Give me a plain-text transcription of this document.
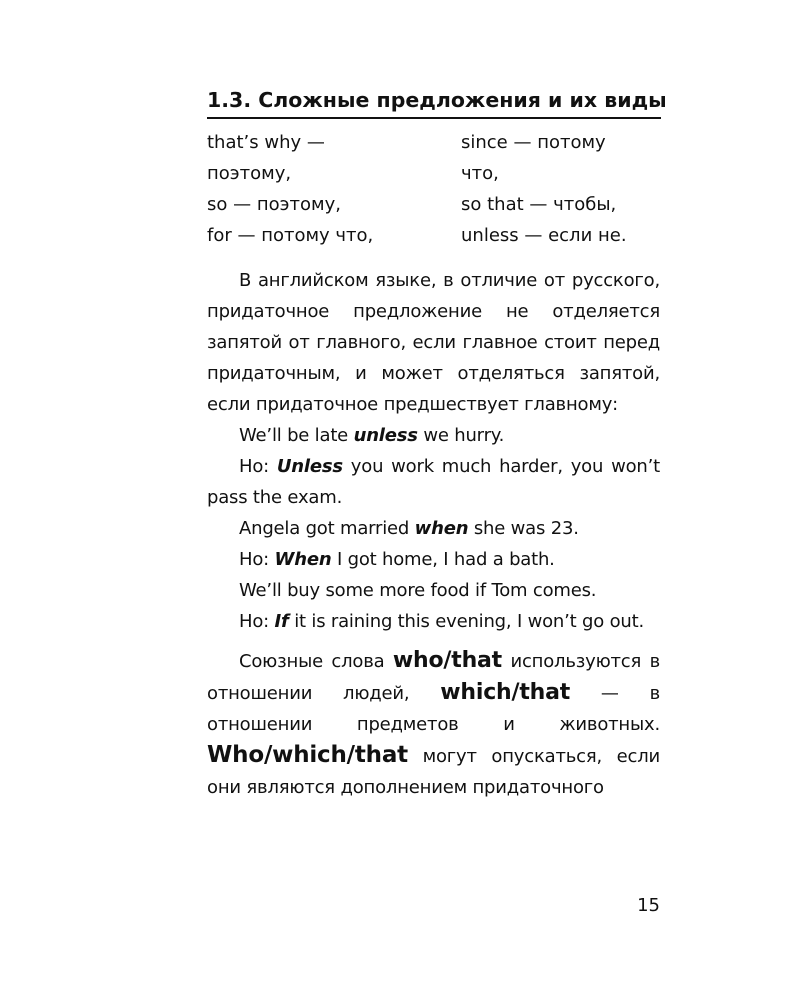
1.3. Сложные предложения и их виды
that’s why —	since — потому
поэтому,	что,
so — поэтому,	so that — чтобы,
for — потому что,	unless — если не.

В английском языке, в отличие от русского, придаточное предложение не отделяется запятой от главного, если главное стоит перед придаточным, и может отделяться запятой, если придаточное предшествует главному:

We’ll be late unless we hurry.

Но: Unless you work much harder, you won’t pass the exam.

Angela got married when she was 23.

Но: When I got home, I had a bath.

We’ll buy some more food if Tom comes.

Но: If it is raining this evening, I won’t go out.

Союзные слова who/that используются в отношении людей, which/that — в отношении предметов и животных. Who/which/that могут опускаться, если они являются дополнением придаточного

15
